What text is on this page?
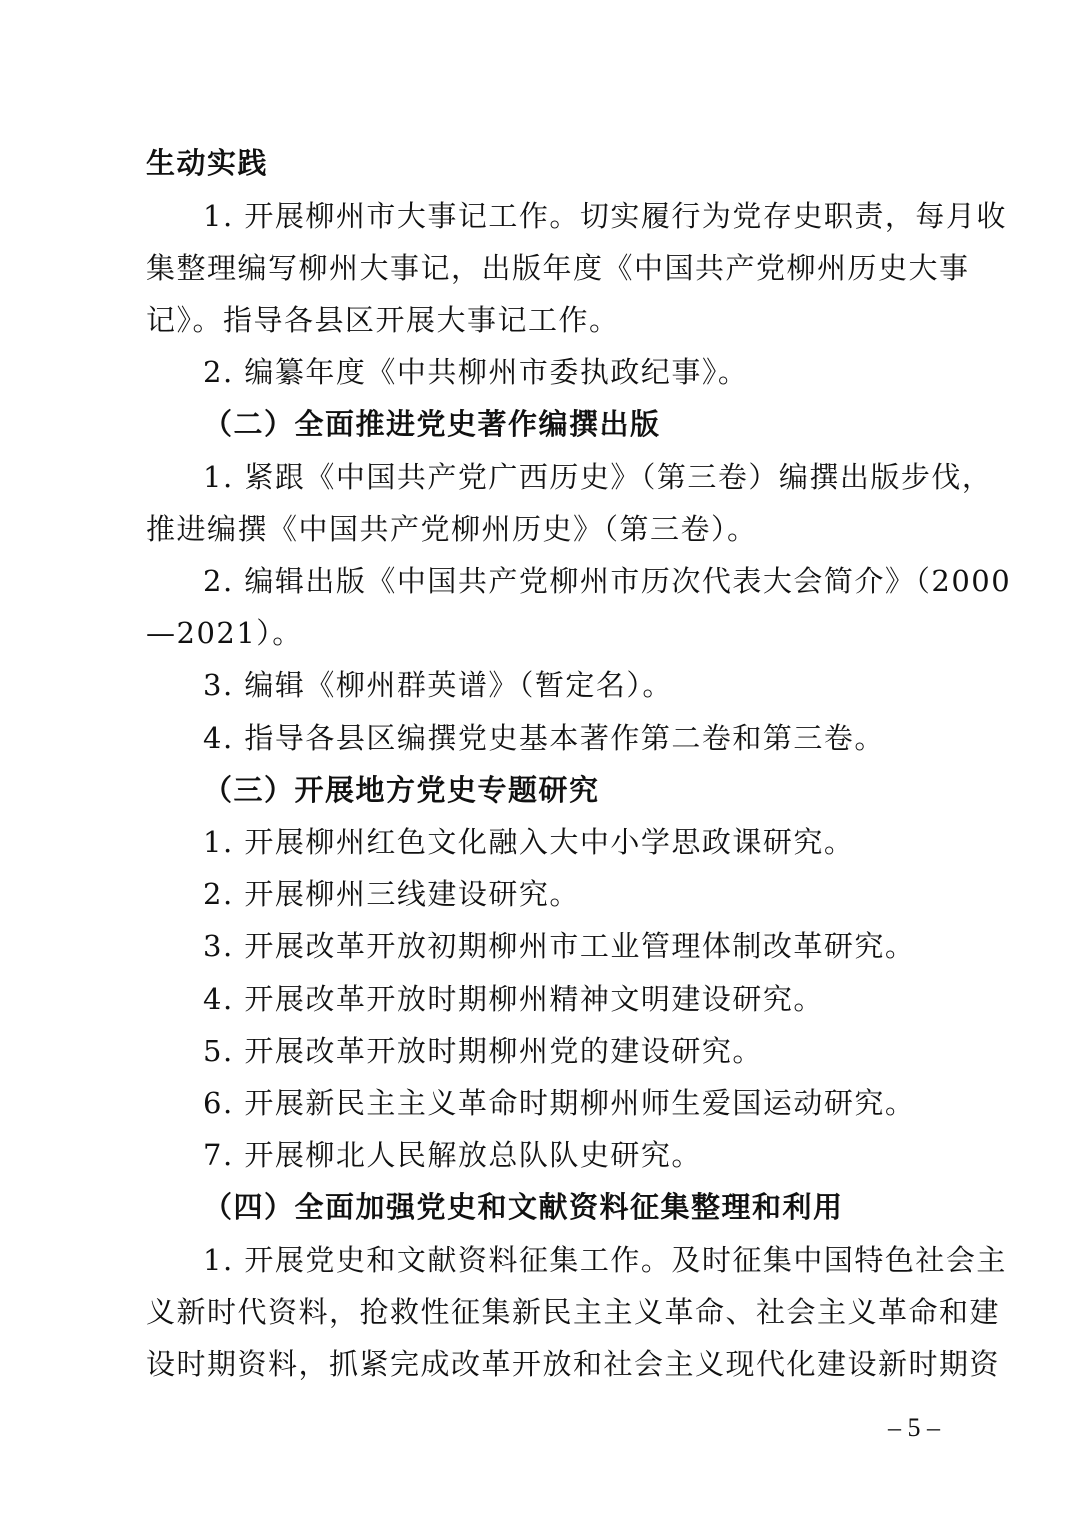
生动实践
1. 开展柳州市大事记工作。切实履行为党存史职责，每月收
集整理编写柳州大事记，出版年度《中国共产党柳州历史大事
记》。指导各县区开展大事记工作。
2. 编纂年度《中共柳州市委执政纪事》。
（二）全面推进党史著作编撰出版
1. 紧跟《中国共产党广西历史》（第三卷）编撰出版步伐，
推进编撰《中国共产党柳州历史》（第三卷）。
2. 编辑出版《中国共产党柳州市历次代表大会简介》（2000
—2021）。
3. 编辑《柳州群英谱》（暂定名）。
4. 指导各县区编撰党史基本著作第二卷和第三卷。
（三）开展地方党史专题研究
1. 开展柳州红色文化融入大中小学思政课研究。
2. 开展柳州三线建设研究。
3. 开展改革开放初期柳州市工业管理体制改革研究。
4. 开展改革开放时期柳州精神文明建设研究。
5. 开展改革开放时期柳州党的建设研究。
6. 开展新民主主义革命时期柳州师生爱国运动研究。
7. 开展柳北人民解放总队队史研究。
（四）全面加强党史和文献资料征集整理和利用
1. 开展党史和文献资料征集工作。及时征集中国特色社会主
义新时代资料，抢救性征集新民主主义革命、社会主义革命和建
设时期资料，抓紧完成改革开放和社会主义现代化建设新时期资
– 5 –
